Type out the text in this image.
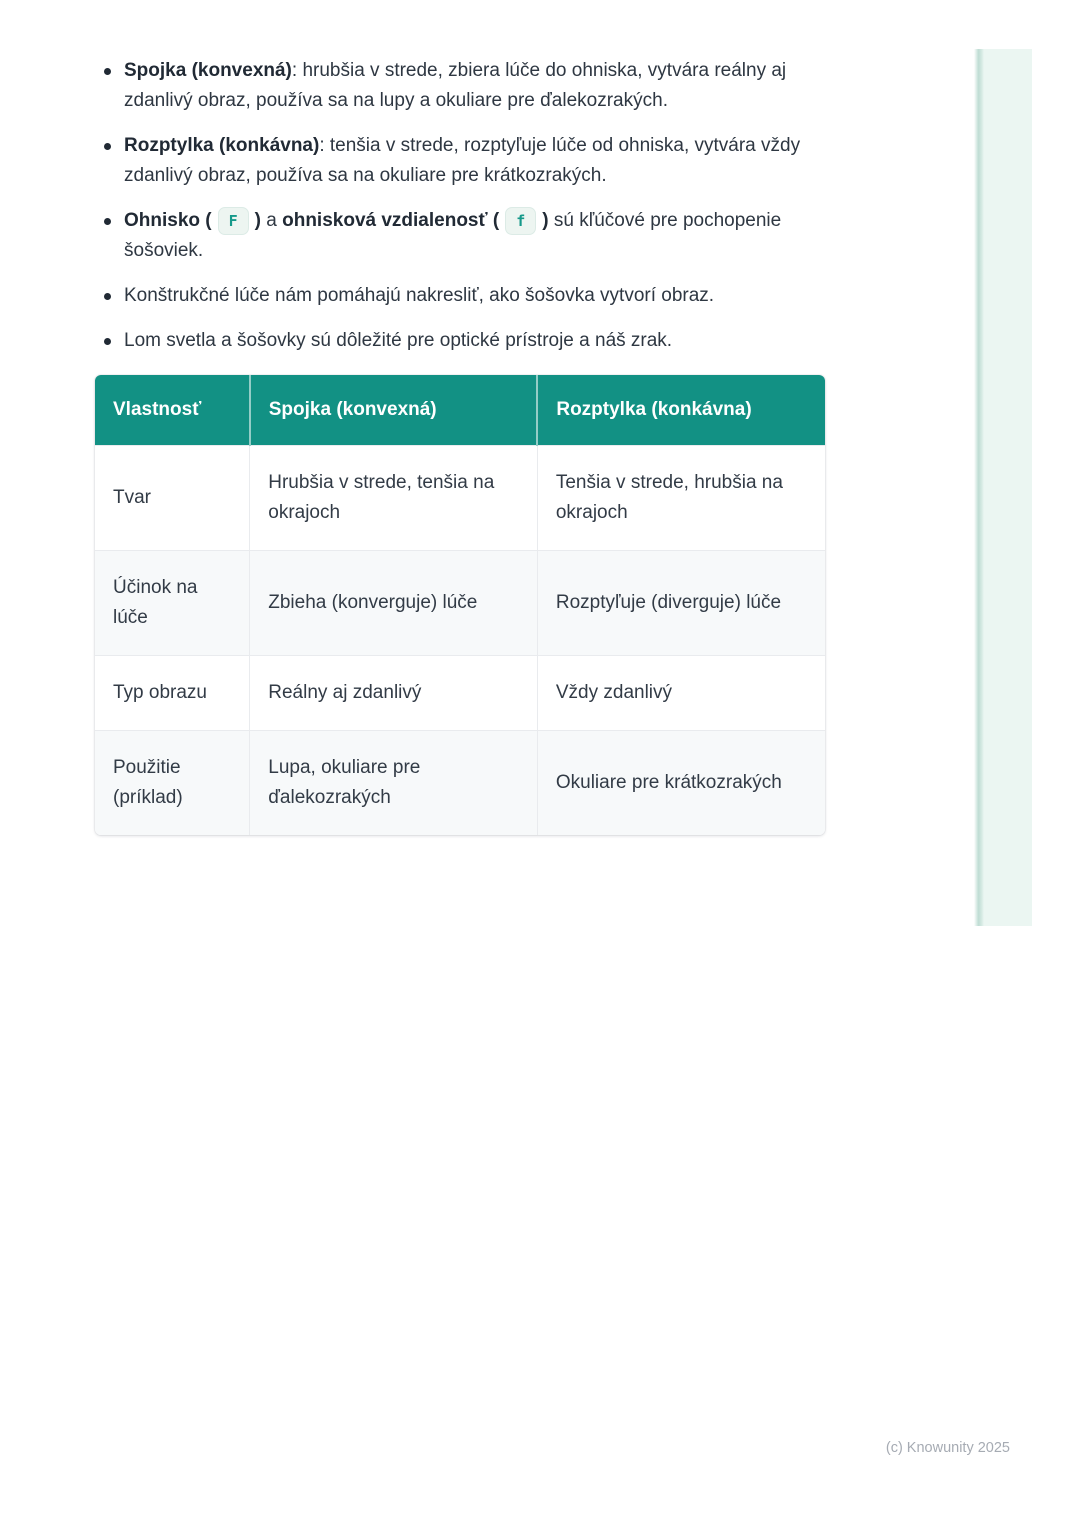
Spojka (konvexná): hrubšia v strede, zbiera lúče do ohniska, vytvára reálny aj zdanlivý obraz, používa sa na lupy a okuliare pre ďalekozrakých.
Rozptylka (konkávna): tenšia v strede, rozptyľuje lúče od ohniska, vytvára vždy zdanlivý obraz, používa sa na okuliare pre krátkozrakých.
Ohnisko ( F ) a ohnisková vzdialenosť ( f ) sú kľúčové pre pochopenie šošoviek.
Konštrukčné lúče nám pomáhajú nakresliť, ako šošovka vytvorí obraz.
Lom svetla a šošovky sú dôležité pre optické prístroje a náš zrak.
Vlastnosť	Spojka (konvexná)	Rozptylka (konkávna)
Tvar	Hrubšia v strede, tenšia na okrajoch	Tenšia v strede, hrubšia na okrajoch
Účinok na lúče	Zbieha (konverguje) lúče	Rozptyľuje (diverguje) lúče
Typ obrazu	Reálny aj zdanlivý	Vždy zdanlivý
Použitie (príklad)	Lupa, okuliare pre ďalekozrakých	Okuliare pre krátkozrakých
(c) Knowunity 2025
